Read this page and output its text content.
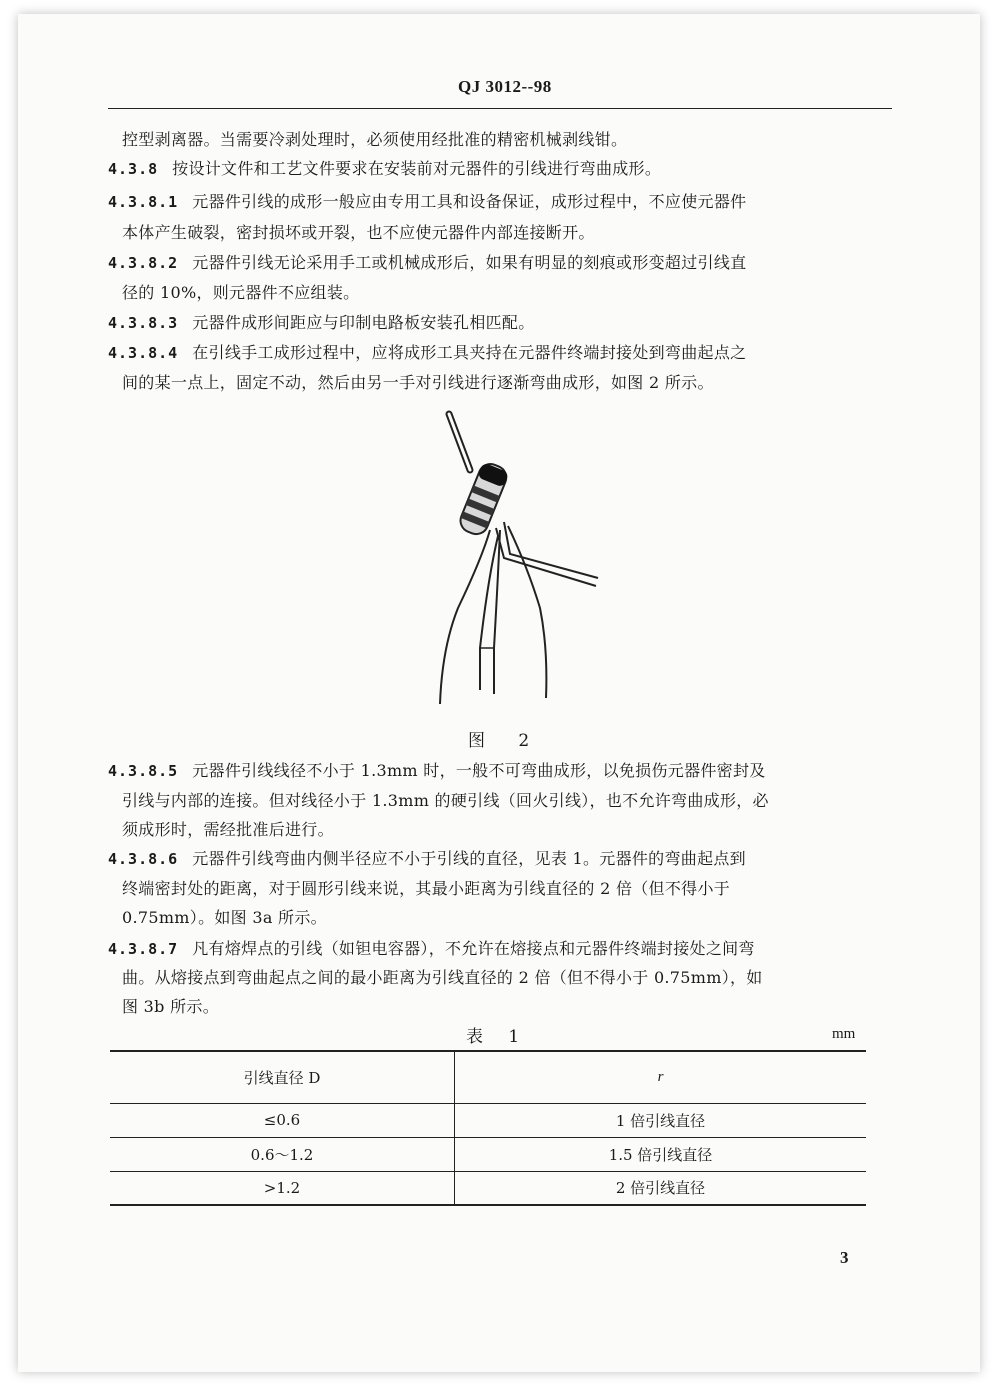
QJ 3012--98

控型剥离器。当需要冷剥处理时，必须使用经批准的精密机械剥线钳。

4.3.8 按设计文件和工艺文件要求在安装前对元器件的引线进行弯曲成形。

4.3.8.1 元器件引线的成形一般应由专用工具和设备保证，成形过程中，不应使元器件

本体产生破裂，密封损坏或开裂，也不应使元器件内部连接断开。

4.3.8.2 元器件引线无论采用手工或机械成形后，如果有明显的刻痕或形变超过引线直

径的 10%，则元器件不应组装。

4.3.8.3 元器件成形间距应与印制电路板安装孔相匹配。

4.3.8.4 在引线手工成形过程中，应将成形工具夹持在元器件终端封接处到弯曲起点之

间的某一点上，固定不动，然后由另一手对引线进行逐渐弯曲成形，如图 2 所示。

图 2

4.3.8.5 元器件引线线径不小于 1.3mm 时，一般不可弯曲成形，以免损伤元器件密封及

引线与内部的连接。但对线径小于 1.3mm 的硬引线（回火引线），也不允许弯曲成形，必

须成形时，需经批准后进行。

4.3.8.6 元器件引线弯曲内侧半径应不小于引线的直径，见表 1。元器件的弯曲起点到

终端密封处的距离，对于圆形引线来说，其最小距离为引线直径的 2 倍（但不得小于

0.75mm）。如图 3a 所示。

4.3.8.7 凡有熔焊点的引线（如钽电容器），不允许在熔接点和元器件终端封接处之间弯

曲。从熔接点到弯曲起点之间的最小距离为引线直径的 2 倍（但不得小于 0.75mm），如

图 3b 所示。

表 1	mm
引线直径 D	r
≤0.6	1 倍引线直径
0.6～1.2	1.5 倍引线直径
>1.2	2 倍引线直径
3
